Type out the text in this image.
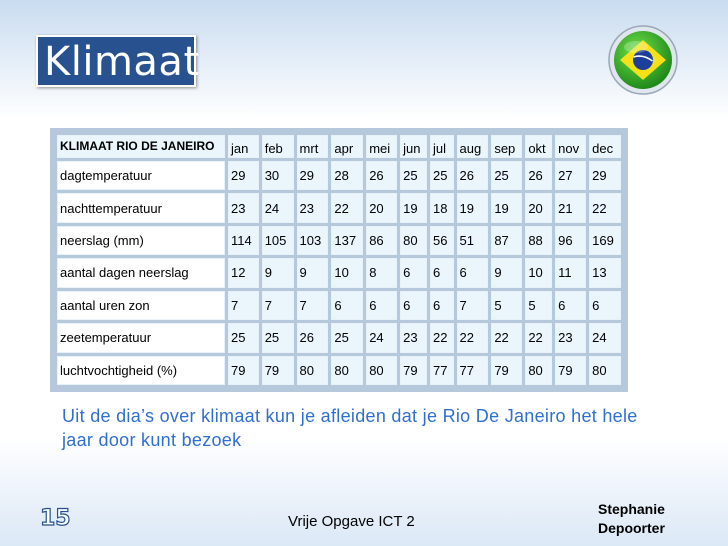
Klimaat
KLIMAAT RIO DE JANEIRO	jan	feb	mrt	apr	mei	jun	jul	aug	sep	okt	nov	dec
dagtemperatuur	29	30	29	28	26	25	25	26	25	26	27	29
nachttemperatuur	23	24	23	22	20	19	18	19	19	20	21	22
neerslag (mm)	114	105	103	137	86	80	56	51	87	88	96	169
aantal dagen neerslag	12	9	9	10	8	6	6	6	9	10	11	13
aantal uren zon	7	7	7	6	6	6	6	7	5	5	6	6
zeetemperatuur	25	25	26	25	24	23	22	22	22	22	23	24
luchtvochtigheid (%)	79	79	80	80	80	79	77	77	79	80	79	80
Uit de dia’s over klimaat kun je afleiden dat je Rio De Janeiro het hele jaar door kunt bezoek
15	Vrije Opgave ICT 2
Stephanie
Depoorter
